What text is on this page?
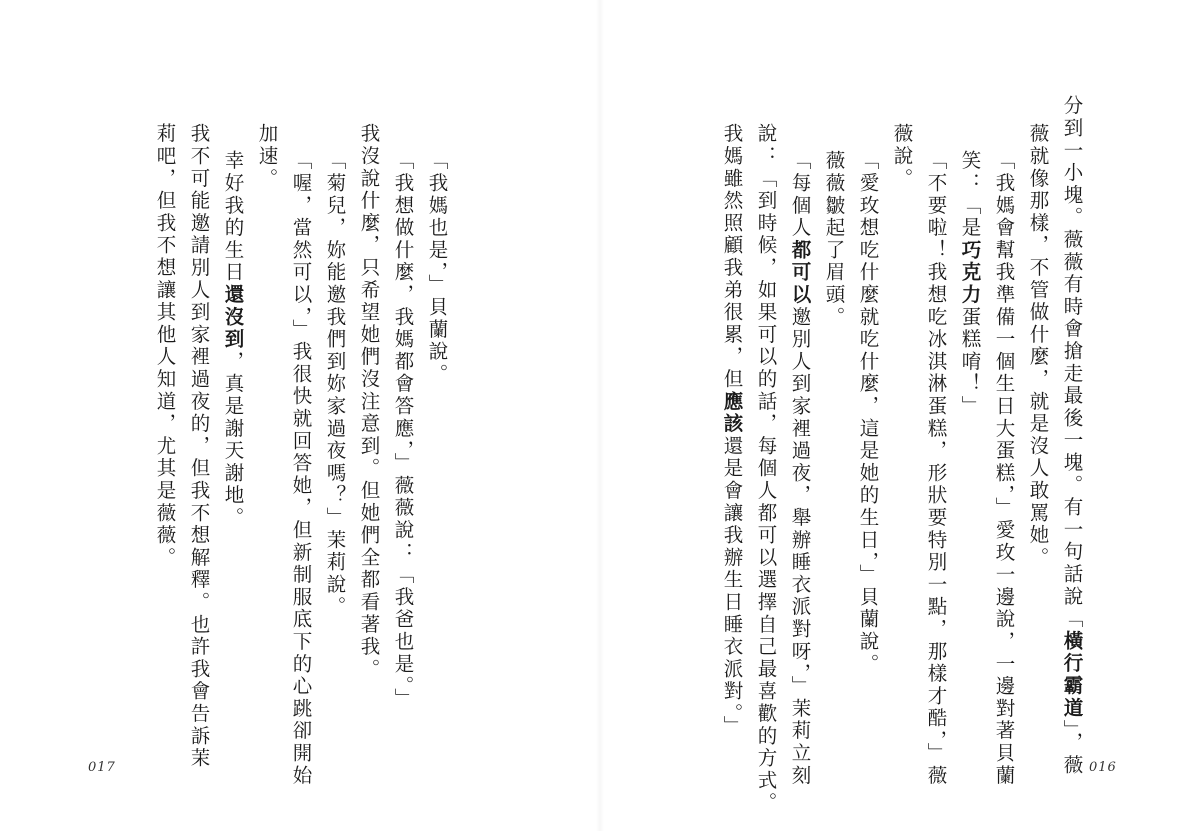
「我媽也是，」貝蘭說。
「我想做什麼，我媽都會答應，」薇薇說：「我爸也是。」
我沒說什麼，只希望她們沒注意到。但她們全都看著我。
「菊兒，妳能邀我們到妳家過夜嗎？」茉莉說。
「喔，當然可以，」我很快就回答她，但新制服底下的心跳卻開始
加速。
幸好我的生日還沒到，真是謝天謝地。
我不可能邀請別人到家裡過夜的，但我不想解釋。也許我會告訴茉
莉吧，但我不想讓其他人知道，尤其是薇薇。
017
分到一小塊。薇薇有時會搶走最後一塊。有一句話說「橫行霸道」，薇
薇就像那樣，不管做什麼，就是沒人敢罵她。
「我媽會幫我準備一個生日大蛋糕，」愛玫一邊說，一邊對著貝蘭
笑：「是巧克力蛋糕唷！」
「不要啦！我想吃冰淇淋蛋糕，形狀要特別一點，那樣才酷，」薇
薇說。
「愛玫想吃什麼就吃什麼，這是她的生日，」貝蘭說。
薇薇皺起了眉頭。
「每個人都可以邀別人到家裡過夜，舉辦睡衣派對呀，」茉莉立刻
說：「到時候，如果可以的話，每個人都可以選擇自己最喜歡的方式。
我媽雖然照顧我弟很累，但應該還是會讓我辦生日睡衣派對。」
016
